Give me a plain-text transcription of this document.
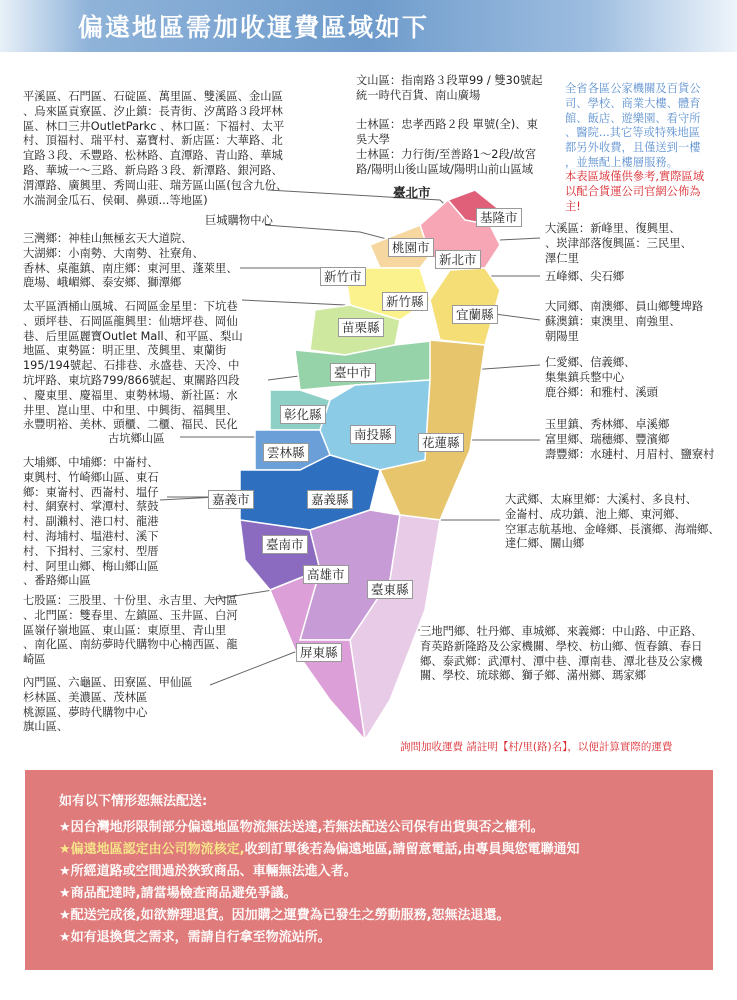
偏遠地區需加收運費區域如下
臺北市
基隆市
新北市
桃園市
新竹市
新竹縣
宜蘭縣
苗栗縣
臺中市
彰化縣
南投縣
花蓮縣
雲林縣
嘉義市	嘉義縣
臺南市
高雄市
臺東縣
屏東縣
平溪區、石門區、石碇區、萬里區、雙溪區、金山區
、烏來區貢寮區、汐止鎮：長青街、汐萬路３段坪林
區、林口三井OutletParkc 、林口區：下福村、太平
村、頂福村、瑞平村、嘉寶村、新店區：大華路、北
宜路３段、禾豐路、松林路、直潭路、青山路、華城
路、華城一～三路、新烏路３段、新潭路、銀河路、
渭潭路、廣興里、秀岡山莊、瑞芳區山區(包含九份、
水湍洞金瓜石、侯硐、鼻頭...等地區)
巨城購物中心
三灣鄉：神桂山無極玄天大道院、
大湖鄉：小南勢、大南勢、社寮角、
香林、桌龍鎮、南庄鄉：東河里、蓬萊里、
鹿場、峨嵋鄉、泰安鄉、獅潭鄉
太平區酒桶山風城、石岡區金星里：下坑巷
、頭坪巷、石岡區龍興里：仙塘坪巷、岡仙
巷、后里區麗寶Outlet Mall、和平區、梨山
地區、東勢區：明正里、茂興里、東蘭街
195/194號起、石排巷、永盛巷、天冷、中
坑坪路、東坑路799/866號起、東關路四段
、慶東里、慶福里、東勢林場、新社區：水
井里、崑山里、中和里、中興街、福興里、
永豐明裕、美林、頭櫃、二櫃、福民、民化
古坑鄉山區
大埔鄉、中埔鄉：中崙村、
東興村、竹崎鄉山區、東石
鄉：東崙村、西崙村、塭仔
村、網寮村、掌潭村、蔡鼓
村、副瀨村、港口村、龍港
村、海埔村、塭港村、溪下
村、下揖村、三家村、型厝
村、阿里山鄉、梅山鄉山區
、番路鄉山區
七股區：三股里、十份里、永吉里、大內區
、北門區：雙春里、左鎮區、玉井區、白河
區嶺仔嶺地區、東山區：東原里、青山里
、南化區、南紡夢時代購物中心楠西區、龍
崎區
內門區、六龜區、田寮區、甲仙區
杉林區、美濃區、茂林區
桃源區、夢時代購物中心
旗山區、
文山區：指南路３段單99 / 雙30號起
統一時代百貨、南山廣場

士林區：忠孝西路２段 單號(全)、東
吳大學
士林區：力行街/至善路1～2段/故宮
路/陽明山後山區域/陽明山前山區域
全省各區公家機關及百貨公
司、學校、商業大樓、體育
館、飯店、遊樂園、看守所
、醫院...其它等或特殊地區
都另外收費，且僅送到一樓
，並無配上樓層服務。
本表區域僅供參考,實際區域
以配合貨運公司官網公佈為
主!
大溪區：新峰里、復興里、
、崁津部落復興區：三民里、
澤仁里
五峰鄉、尖石鄉
大同鄉、南澳鄉、員山鄉雙埤路
蘇澳鎮：東澳里、南強里、
朝陽里
仁愛鄉、信義鄉、
集集鎮兵整中心
鹿谷鄉：和雅村、溪頭
玉里鎮、秀林鄉、卓溪鄉
富里鄉、瑞穗鄉、豐濱鄉
壽豐鄉：水璉村、月眉村、鹽寮村
大武鄉、太麻里鄉：大溪村、多良村、
金崙村、成功鎮、池上鄉、東河鄉、
空軍志航基地、金峰鄉、長濱鄉、海端鄉、
達仁鄉、關山鄉
三地門鄉、牡丹鄉、車城鄉、來義鄉：中山路、中正路、
育英路新隆路及公家機關、學校、枋山鄉、恆春鎮、春日
鄉、泰武鄉：武潭村、潭中巷、潭南巷、潭北巷及公家機
關、學校、琉球鄉、獅子鄉、滿州鄉、瑪家鄉
詢問加收運費 請註明【村/里(路)名】，以便計算實際的運費
如有以下情形恕無法配送:
★因台灣地形限制部分偏遠地區物流無法送達,若無法配送公司保有出貨與否之權利。
★偏遠地區認定由公司物流核定,收到訂單後若為偏遠地區,請留意電話,由專員與您電聯通知
★所經道路或空間過於狹致商品、車輛無法進入者。
★商品配達時,請當場檢查商品避免爭議。
★配送完成後,如欲辦理退貨。因加購之運費為已發生之勞動服務,恕無法退還。
★如有退換貨之需求，需請自行拿至物流站所。
